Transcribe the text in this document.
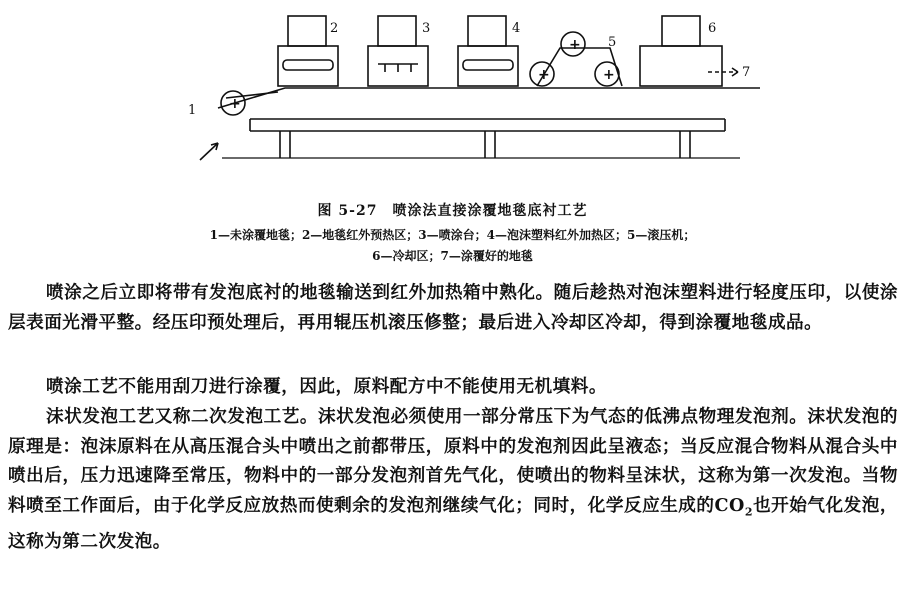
+
+
+
+
1
2	3	4
5
6
7
图 5-27　喷涂法直接涂覆地毯底衬工艺
1—未涂覆地毯；2—地毯红外预热区；3—喷涂台；4—泡沫塑料红外加热区；5—滚压机；
6—冷却区；7—涂覆好的地毯
喷涂之后立即将带有发泡底衬的地毯输送到红外加热箱中熟化。随后趁热对泡沫塑料进行轻度压印，以使涂层表面光滑平整。经压印预处理后，再用辊压机滚压修整；最后进入冷却区冷却，得到涂覆地毯成品。
喷涂工艺不能用刮刀进行涂覆，因此，原料配方中不能使用无机填料。
沫状发泡工艺又称二次发泡工艺。沫状发泡必须使用一部分常压下为气态的低沸点物理发泡剂。沫状发泡的原理是：泡沫原料在从高压混合头中喷出之前都带压，原料中的发泡剂因此呈液态；当反应混合物料从混合头中喷出后，压力迅速降至常压，物料中的一部分发泡剂首先气化，使喷出的物料呈沫状，这称为第一次发泡。当物料喷至工作面后，由于化学反应放热而使剩余的发泡剂继续气化；同时，化学反应生成的$CO_2$也开始气化发泡，这称为第二次发泡。
